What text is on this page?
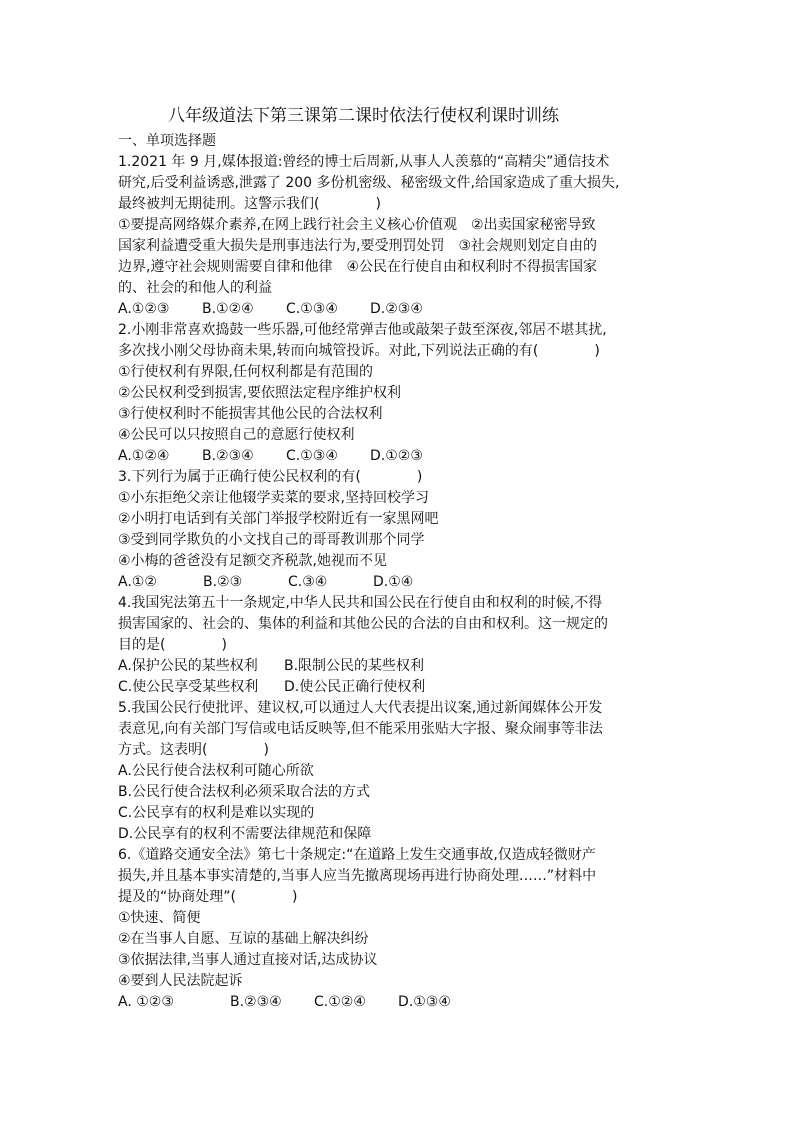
八年级道法下第三课第二课时依法行使权利课时训练
一、单项选择题
1.2021 年 9 月,媒体报道:曾经的博士后周新,从事人人羡慕的“高精尖”通信技术
研究,后受利益诱惑,泄露了 200 多份机密级、秘密级文件,给国家造成了重大损失,
最终被判无期徒刑。这警示我们(　　　　)
①要提高网络媒介素养,在网上践行社会主义核心价值观　②出卖国家秘密导致
国家利益遭受重大损失是刑事违法行为,要受刑罚处罚　③社会规则划定自由的
边界,遵守社会规则需要自律和他律　④公民在行使自由和权利时不得损害国家
的、社会的和他人的利益
A.①②③ B.①②④ C.①③④ D.②③④
2.小刚非常喜欢捣鼓一些乐器,可他经常弹吉他或敲架子鼓至深夜,邻居不堪其扰,
多次找小刚父母协商未果,转而向城管投诉。对此,下列说法正确的有(　　　　)
①行使权利有界限,任何权利都是有范围的
②公民权利受到损害,要依照法定程序维护权利
③行使权利时不能损害其他公民的合法权利
④公民可以只按照自己的意愿行使权利
A.①②④ B.②③④ C.①③④ D.①②③
3.下列行为属于正确行使公民权利的有(　　　　)
①小东拒绝父亲让他辍学卖菜的要求,坚持回校学习
②小明打电话到有关部门举报学校附近有一家黑网吧
③受到同学欺负的小文找自己的哥哥教训那个同学
④小梅的爸爸没有足额交齐税款,她视而不见
A.①②	B.②③	C.③④	D.①④
4.我国宪法第五十一条规定,中华人民共和国公民在行使自由和权利的时候,不得
损害国家的、社会的、集体的利益和其他公民的合法的自由和权利。这一规定的
目的是(　　　　)
A.保护公民的某些权利 B.限制公民的某些权利
C.使公民享受某些权利 D.使公民正确行使权利
5.我国公民行使批评、建议权,可以通过人大代表提出议案,通过新闻媒体公开发
表意见,向有关部门写信或电话反映等,但不能采用张贴大字报、聚众闹事等非法
方式。这表明(　　　　)
A.公民行使合法权利可随心所欲
B.公民行使合法权利必须采取合法的方式
C.公民享有的权利是难以实现的
D.公民享有的权利不需要法律规范和保障
6.《道路交通安全法》第七十条规定:“在道路上发生交通事故,仅造成轻微财产
损失,并且基本事实清楚的,当事人应当先撤离现场再进行协商处理……”材料中
提及的“协商处理”(　　　　)
①快速、简便
②在当事人自愿、互谅的基础上解决纠纷
③依据法律,当事人通过直接对话,达成协议
④要到人民法院起诉
A. ①②③	B.②③④ C.①②④ D.①③④
